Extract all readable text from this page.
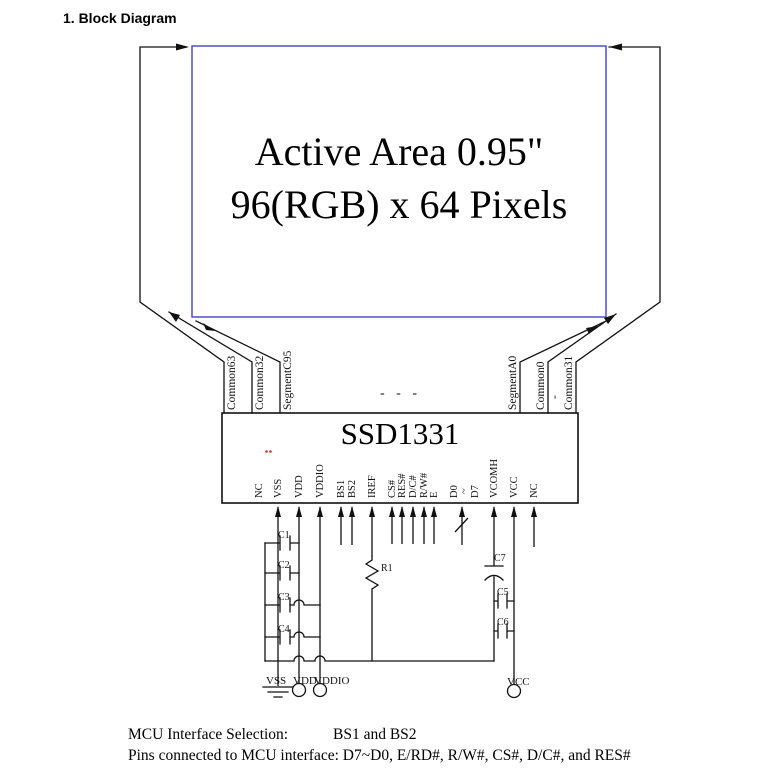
1. Block Diagram
Active Area 0.95"
96(RGB) x 64 Pixels
SSD1331
Common63 Common32 SegmentC95	SegmentA0 Common0 - Common31
- - -
NC VSS VDD VDDIO BS1 BS2 IREF CS# RES# D/C# R/W# E D0 ~ D7 VCOMH VCC NC
C1
C2
C3
C4
R1
C7
C5
C6
VSS VDD
VDDIO	VCC
MCU Interface Selection:	BS1 and BS2
Pins connected to MCU interface: D7~D0, E/RD#, R/W#, CS#, D/C#, and RES#
